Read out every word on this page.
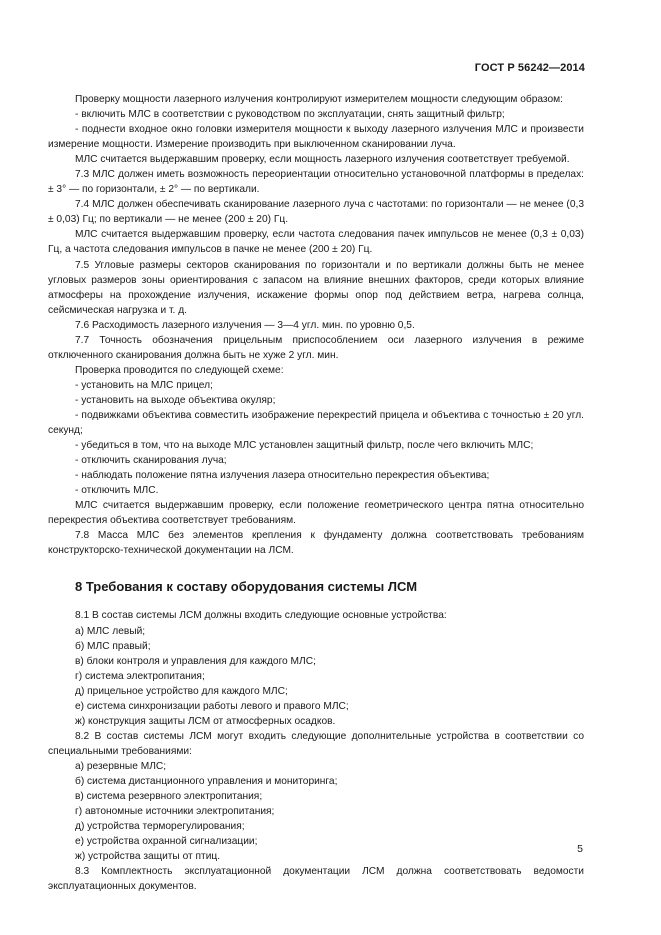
ГОСТ Р 56242—2014
Проверку мощности лазерного излучения контролируют измерителем мощности следующим образом:
- включить МЛС в соответствии с руководством по эксплуатации, снять защитный фильтр;
- поднести входное окно головки измерителя мощности к выходу лазерного излучения МЛС и произвести измерение мощности. Измерение производить при выключенном сканировании луча.
МЛС считается выдержавшим проверку, если мощность лазерного излучения соответствует требуемой.
7.3 МЛС должен иметь возможность переориентации относительно установочной платформы в пределах: ± 3° — по горизонтали, ± 2° — по вертикали.
7.4 МЛС должен обеспечивать сканирование лазерного луча с частотами: по горизонтали — не менее (0,3 ± 0,03) Гц; по вертикали — не менее (200 ± 20) Гц.
МЛС считается выдержавшим проверку, если частота следования пачек импульсов не менее (0,3 ± 0,03) Гц, а частота следования импульсов в пачке не менее (200 ± 20) Гц.
7.5 Угловые размеры секторов сканирования по горизонтали и по вертикали должны быть не менее угловых размеров зоны ориентирования с запасом на влияние внешних факторов, среди которых влияние атмосферы на прохождение излучения, искажение формы опор под действием ветра, нагрева солнца, сейсмическая нагрузка и т. д.
7.6 Расходимость лазерного излучения — 3—4 угл. мин. по уровню 0,5.
7.7 Точность обозначения прицельным приспособлением оси лазерного излучения в режиме отключенного сканирования должна быть не хуже 2 угл. мин.
Проверка проводится по следующей схеме:
- установить на МЛС прицел;
- установить на выходе объектива окуляр;
- подвижками объектива совместить изображение перекрестий прицела и объектива с точностью ± 20 угл. секунд;
- убедиться в том, что на выходе МЛС установлен защитный фильтр, после чего включить МЛС;
- отключить сканирования луча;
- наблюдать положение пятна излучения лазера относительно перекрестия объектива;
- отключить МЛС.
МЛС считается выдержавшим проверку, если положение геометрического центра пятна относительно перекрестия объектива соответствует требованиям.
7.8 Масса МЛС без элементов крепления к фундаменту должна соответствовать требованиям конструкторско-технической документации на ЛСМ.
8 Требования к составу оборудования системы ЛСМ
8.1 В состав системы ЛСМ должны входить следующие основные устройства:
а) МЛС левый;
б) МЛС правый;
в) блоки контроля и управления для каждого МЛС;
г) система электропитания;
д) прицельное устройство для каждого МЛС;
е) система синхронизации работы левого и правого МЛС;
ж) конструкция защиты ЛСМ от атмосферных осадков.
8.2 В состав системы ЛСМ могут входить следующие дополнительные устройства в соответствии со специальными требованиями:
а) резервные МЛС;
б) система дистанционного управления и мониторинга;
в) система резервного электропитания;
г) автономные источники электропитания;
д) устройства терморегулирования;
е) устройства охранной сигнализации;
ж) устройства защиты от птиц.
8.3 Комплектность эксплуатационной документации ЛСМ должна соответствовать ведомости эксплуатационных документов.
5
